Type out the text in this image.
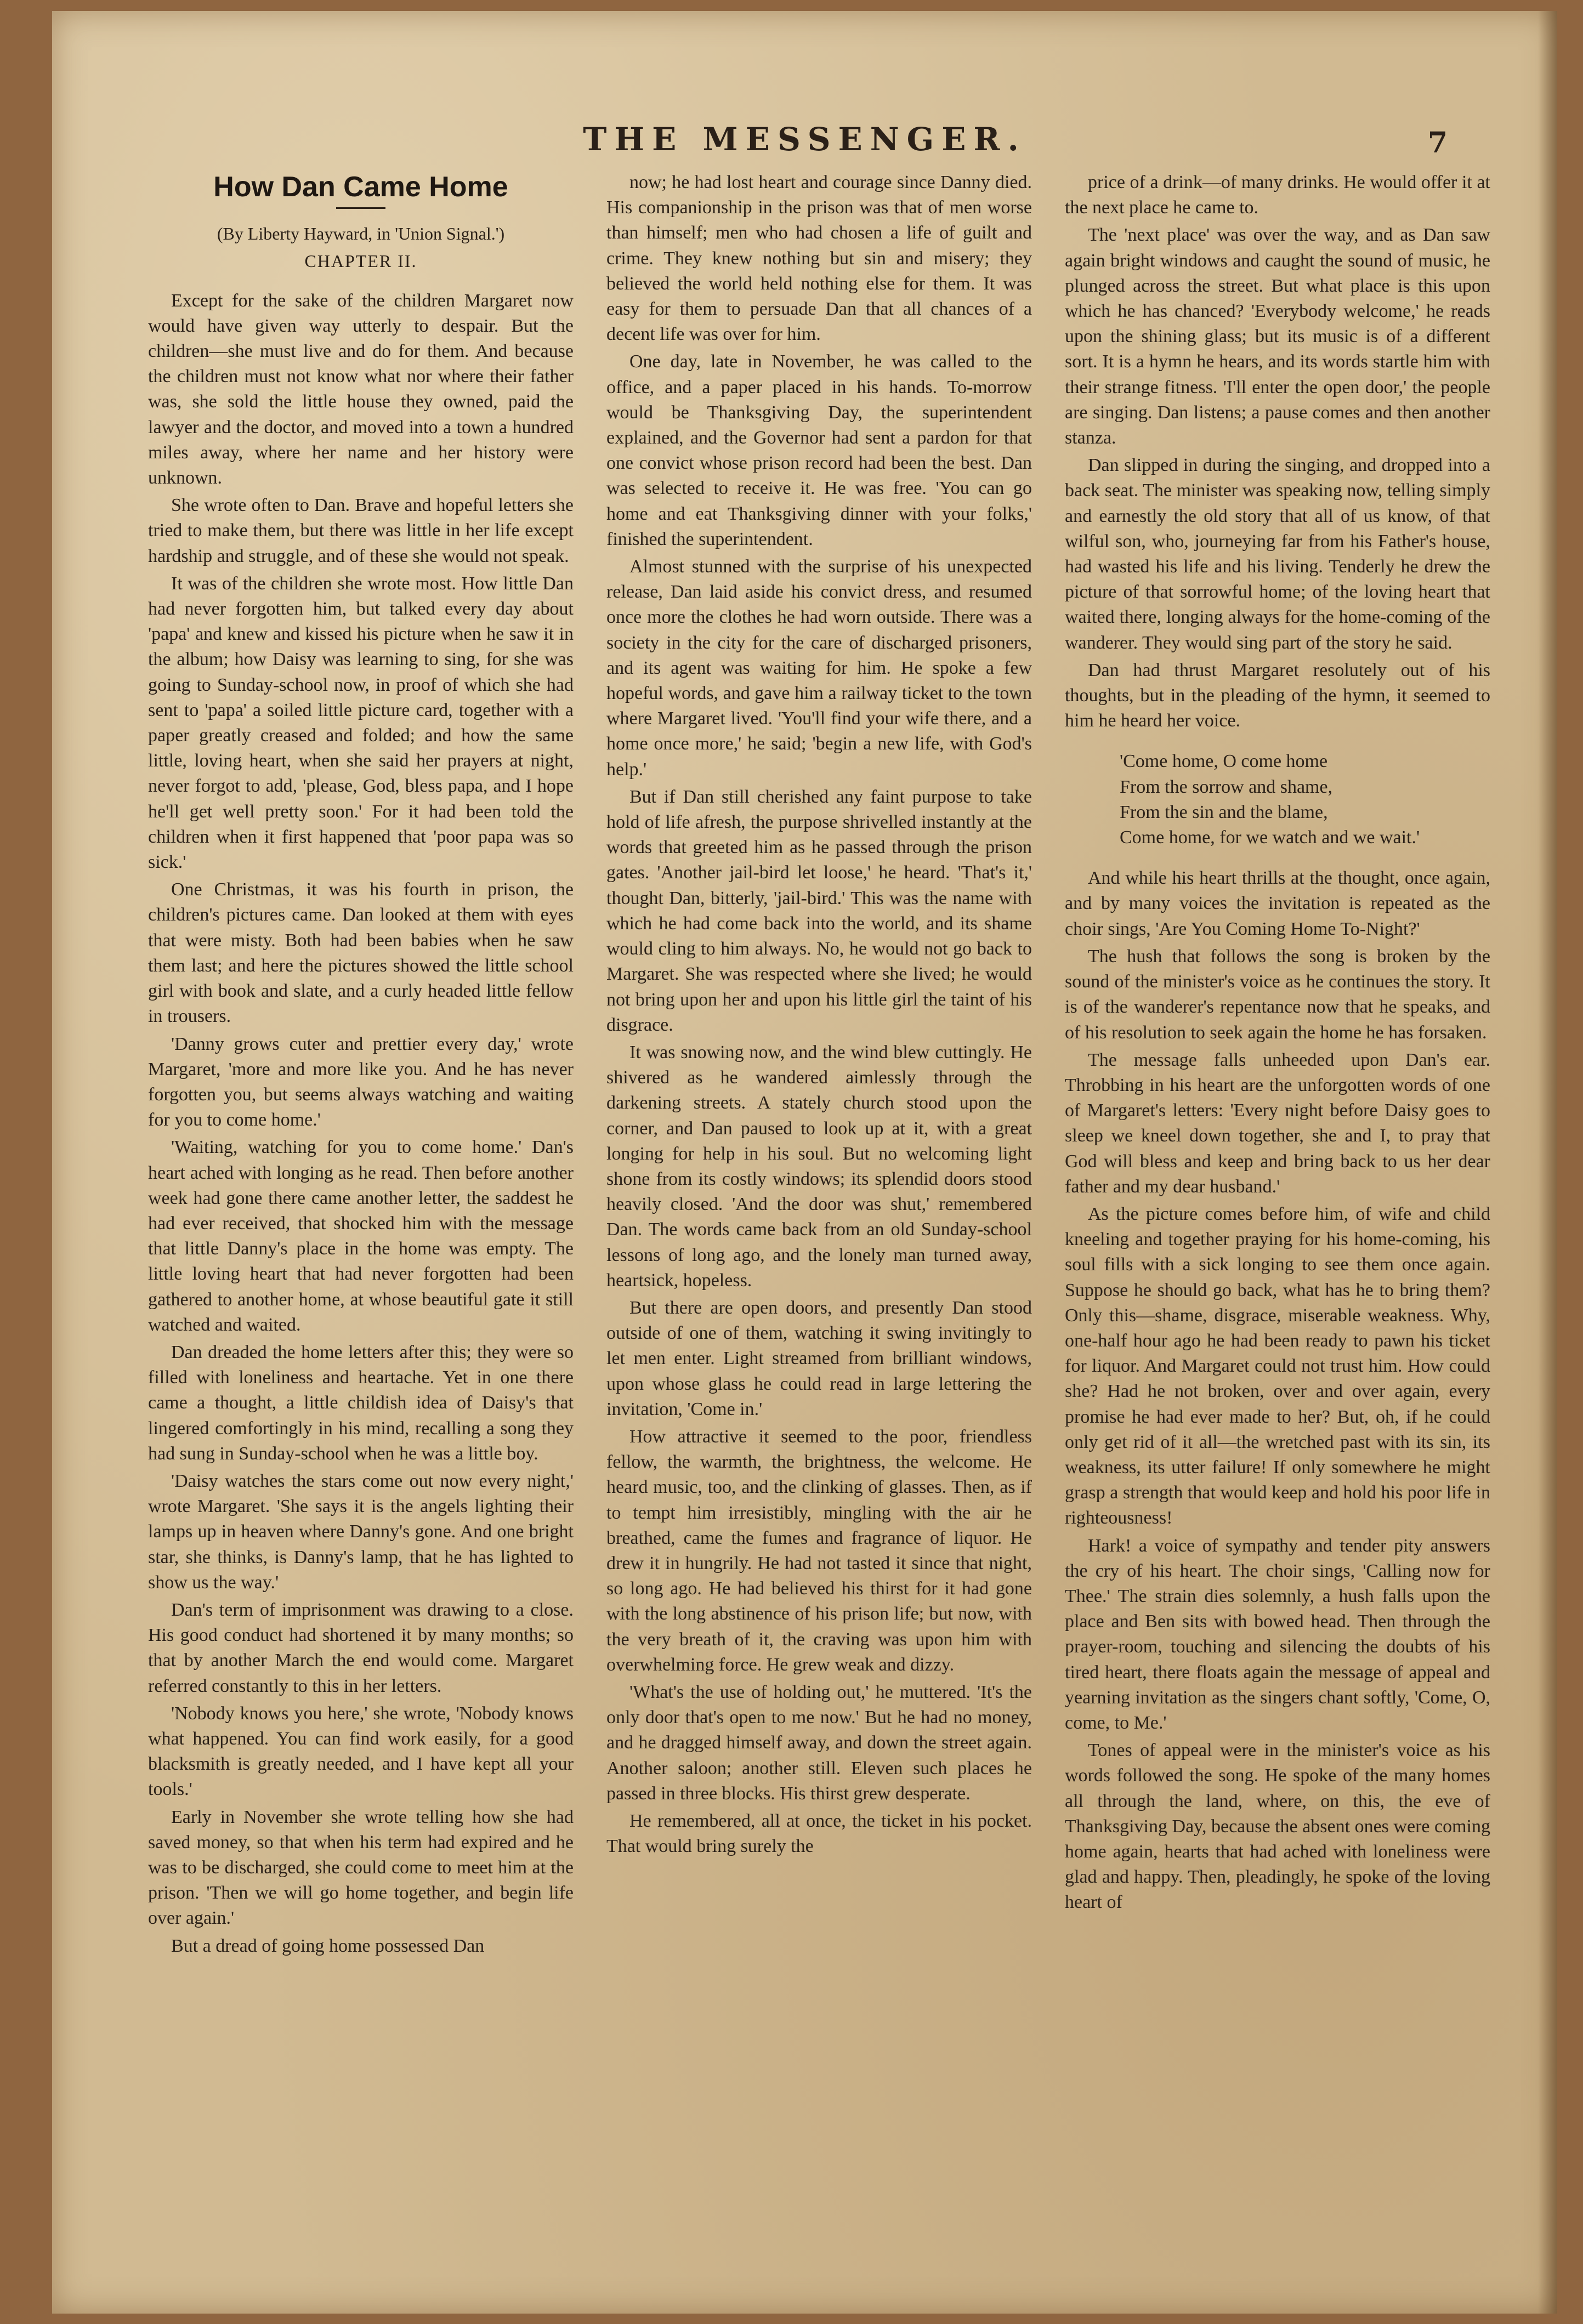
THE MESSENGER.	7
How Dan Came Home
(By Liberty Hayward, in 'Union Signal.')
CHAPTER II.

Except for the sake of the children Margaret now would have given way utterly to despair. But the children—she must live and do for them. And because the children must not know what nor where their father was, she sold the little house they owned, paid the lawyer and the doctor, and moved into a town a hundred miles away, where her name and her history were unknown.

She wrote often to Dan. Brave and hopeful letters she tried to make them, but there was little in her life except hardship and struggle, and of these she would not speak.

It was of the children she wrote most. How little Dan had never forgotten him, but talked every day about 'papa' and knew and kissed his picture when he saw it in the album; how Daisy was learning to sing, for she was going to Sunday-school now, in proof of which she had sent to 'papa' a soiled little picture card, together with a paper greatly creased and folded; and how the same little, loving heart, when she said her prayers at night, never forgot to add, 'please, God, bless papa, and I hope he'll get well pretty soon.' For it had been told the children when it first happened that 'poor papa was so sick.'

One Christmas, it was his fourth in prison, the children's pictures came. Dan looked at them with eyes that were misty. Both had been babies when he saw them last; and here the pictures showed the little school girl with book and slate, and a curly headed little fellow in trousers.

'Danny grows cuter and prettier every day,' wrote Margaret, 'more and more like you. And he has never forgotten you, but seems always watching and waiting for you to come home.'

'Waiting, watching for you to come home.' Dan's heart ached with longing as he read. Then before another week had gone there came another letter, the saddest he had ever received, that shocked him with the message that little Danny's place in the home was empty. The little loving heart that had never forgotten had been gathered to another home, at whose beautiful gate it still watched and waited.

Dan dreaded the home letters after this; they were so filled with loneliness and heartache. Yet in one there came a thought, a little childish idea of Daisy's that lingered comfortingly in his mind, recalling a song they had sung in Sunday-school when he was a little boy.

'Daisy watches the stars come out now every night,' wrote Margaret. 'She says it is the angels lighting their lamps up in heaven where Danny's gone. And one bright star, she thinks, is Danny's lamp, that he has lighted to show us the way.'

Dan's term of imprisonment was drawing to a close. His good conduct had shortened it by many months; so that by another March the end would come. Margaret referred constantly to this in her letters.

'Nobody knows you here,' she wrote, 'Nobody knows what happened. You can find work easily, for a good blacksmith is greatly needed, and I have kept all your tools.'

Early in November she wrote telling how she had saved money, so that when his term had expired and he was to be discharged, she could come to meet him at the prison. 'Then we will go home together, and begin life over again.'

But a dread of going home possessed Dan

now; he had lost heart and courage since Danny died. His companionship in the prison was that of men worse than himself; men who had chosen a life of guilt and crime. They knew nothing but sin and misery; they believed the world held nothing else for them. It was easy for them to persuade Dan that all chances of a decent life was over for him.

One day, late in November, he was called to the office, and a paper placed in his hands. To-morrow would be Thanksgiving Day, the superintendent explained, and the Governor had sent a pardon for that one convict whose prison record had been the best. Dan was selected to receive it. He was free. 'You can go home and eat Thanksgiving dinner with your folks,' finished the superintendent.

Almost stunned with the surprise of his unexpected release, Dan laid aside his convict dress, and resumed once more the clothes he had worn outside. There was a society in the city for the care of discharged prisoners, and its agent was waiting for him. He spoke a few hopeful words, and gave him a railway ticket to the town where Margaret lived. 'You'll find your wife there, and a home once more,' he said; 'begin a new life, with God's help.'

But if Dan still cherished any faint purpose to take hold of life afresh, the purpose shrivelled instantly at the words that greeted him as he passed through the prison gates. 'Another jail-bird let loose,' he heard. 'That's it,' thought Dan, bitterly, 'jail-bird.' This was the name with which he had come back into the world, and its shame would cling to him always. No, he would not go back to Margaret. She was respected where she lived; he would not bring upon her and upon his little girl the taint of his disgrace.

It was snowing now, and the wind blew cuttingly. He shivered as he wandered aimlessly through the darkening streets. A stately church stood upon the corner, and Dan paused to look up at it, with a great longing for help in his soul. But no welcoming light shone from its costly windows; its splendid doors stood heavily closed. 'And the door was shut,' remembered Dan. The words came back from an old Sunday-school lessons of long ago, and the lonely man turned away, heartsick, hopeless.

But there are open doors, and presently Dan stood outside of one of them, watching it swing invitingly to let men enter. Light streamed from brilliant windows, upon whose glass he could read in large lettering the invitation, 'Come in.'

How attractive it seemed to the poor, friendless fellow, the warmth, the brightness, the welcome. He heard music, too, and the clinking of glasses. Then, as if to tempt him irresistibly, mingling with the air he breathed, came the fumes and fragrance of liquor. He drew it in hungrily. He had not tasted it since that night, so long ago. He had believed his thirst for it had gone with the long abstinence of his prison life; but now, with the very breath of it, the craving was upon him with overwhelming force. He grew weak and dizzy.

'What's the use of holding out,' he muttered. 'It's the only door that's open to me now.' But he had no money, and he dragged himself away, and down the street again. Another saloon; another still. Eleven such places he passed in three blocks. His thirst grew desperate.

He remembered, all at once, the ticket in his pocket. That would bring surely the

price of a drink—of many drinks. He would offer it at the next place he came to.

The 'next place' was over the way, and as Dan saw again bright windows and caught the sound of music, he plunged across the street. But what place is this upon which he has chanced? 'Everybody welcome,' he reads upon the shining glass; but its music is of a different sort. It is a hymn he hears, and its words startle him with their strange fitness. 'I'll enter the open door,' the people are singing. Dan listens; a pause comes and then another stanza.

Dan slipped in during the singing, and dropped into a back seat. The minister was speaking now, telling simply and earnestly the old story that all of us know, of that wilful son, who, journeying far from his Father's house, had wasted his life and his living. Tenderly he drew the picture of that sorrowful home; of the loving heart that waited there, longing always for the home-coming of the wanderer. They would sing part of the story he said.

Dan had thrust Margaret resolutely out of his thoughts, but in the pleading of the hymn, it seemed to him he heard her voice.

'Come home, O come home

From the sorrow and shame,

From the sin and the blame,

Come home, for we watch and we wait.'

And while his heart thrills at the thought, once again, and by many voices the invitation is repeated as the choir sings, 'Are You Coming Home To-Night?'

The hush that follows the song is broken by the sound of the minister's voice as he continues the story. It is of the wanderer's repentance now that he speaks, and of his resolution to seek again the home he has forsaken.

The message falls unheeded upon Dan's ear. Throbbing in his heart are the unforgotten words of one of Margaret's letters: 'Every night before Daisy goes to sleep we kneel down together, she and I, to pray that God will bless and keep and bring back to us her dear father and my dear husband.'

As the picture comes before him, of wife and child kneeling and together praying for his home-coming, his soul fills with a sick longing to see them once again. Suppose he should go back, what has he to bring them? Only this—shame, disgrace, miserable weakness. Why, one-half hour ago he had been ready to pawn his ticket for liquor. And Margaret could not trust him. How could she? Had he not broken, over and over again, every promise he had ever made to her? But, oh, if he could only get rid of it all—the wretched past with its sin, its weakness, its utter failure! If only somewhere he might grasp a strength that would keep and hold his poor life in righteousness!

Hark! a voice of sympathy and tender pity answers the cry of his heart. The choir sings, 'Calling now for Thee.' The strain dies solemnly, a hush falls upon the place and Ben sits with bowed head. Then through the prayer-room, touching and silencing the doubts of his tired heart, there floats again the message of appeal and yearning invitation as the singers chant softly, 'Come, O, come, to Me.'

Tones of appeal were in the minister's voice as his words followed the song. He spoke of the many homes all through the land, where, on this, the eve of Thanksgiving Day, because the absent ones were coming home again, hearts that had ached with loneliness were glad and happy. Then, pleadingly, he spoke of the loving heart of
